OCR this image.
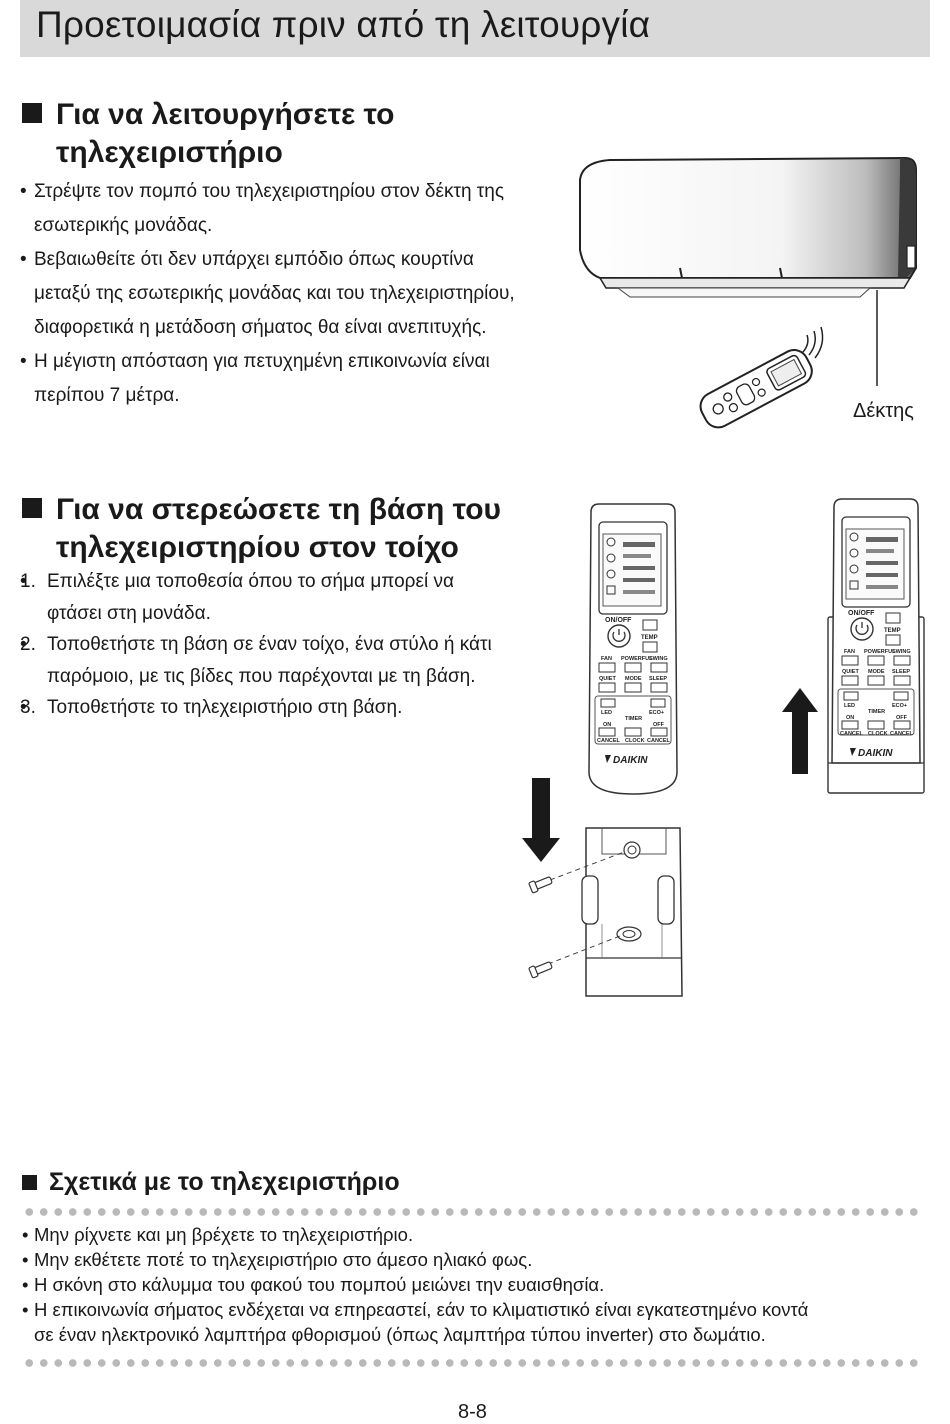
Προετοιμασία πριν από τη λειτουργία
Για να λειτουργήσετε το
τηλεχειριστήριο
• Στρέψτε τον πομπό του τηλεχειριστηρίου στον δέκτη της
εσωτερικής μονάδας.
• Βεβαιωθείτε ότι δεν υπάρχει εμπόδιο όπως κουρτίνα
μεταξύ της εσωτερικής μονάδας και του τηλεχειριστηρίου,
διαφορετικά η μετάδοση σήματος θα είναι ανεπιτυχής.
• Η μέγιστη απόσταση για πετυχημένη επικοινωνία είναι
περίπου 7 μέτρα.
Δέκτης
Για να στερεώσετε τη βάση του
τηλεχειριστηρίου στον τοίχο
• 1. Επιλέξτε μια τοποθεσία όπου το σήμα μπορεί να
φτάσει στη μονάδα.
• 2. Τοποθετήστε τη βάση σε έναν τοίχο, ένα στύλο ή κάτι
παρόμοιο, με τις βίδες που παρέχονται με τη βάση.
• 3. Τοποθετήστε το τηλεχειριστήριο στη βάση.
ON/OFF
TEMP
FAN POWERFUL
SWING
QUIET MODE SLEEP
LED	ECO+
TIMER
ON	OFF
CANCEL CLOCK CANCEL
DAIKIN
ON/OFF
TEMP
FAN POWERFUL
SWING
QUIET MODE SLEEP
LED	ECO+
TIMER
ON	OFF
CANCEL CLOCK CANCEL
DAIKIN
Σχετικά με το τηλεχειριστήριο
• Μην ρίχνετε και μη βρέχετε το τηλεχειριστήριο.
• Μην εκθέτετε ποτέ το τηλεχειριστήριο στο άμεσο ηλιακό φως.
• Η σκόνη στο κάλυμμα του φακού του πομπού μειώνει την ευαισθησία.
• Η επικοινωνία σήματος ενδέχεται να επηρεαστεί, εάν το κλιματιστικό είναι εγκατεστημένο κοντά
σε έναν ηλεκτρονικό λαμπτήρα φθορισμού (όπως λαμπτήρα τύπου inverter) στο δωμάτιο.
8-8
